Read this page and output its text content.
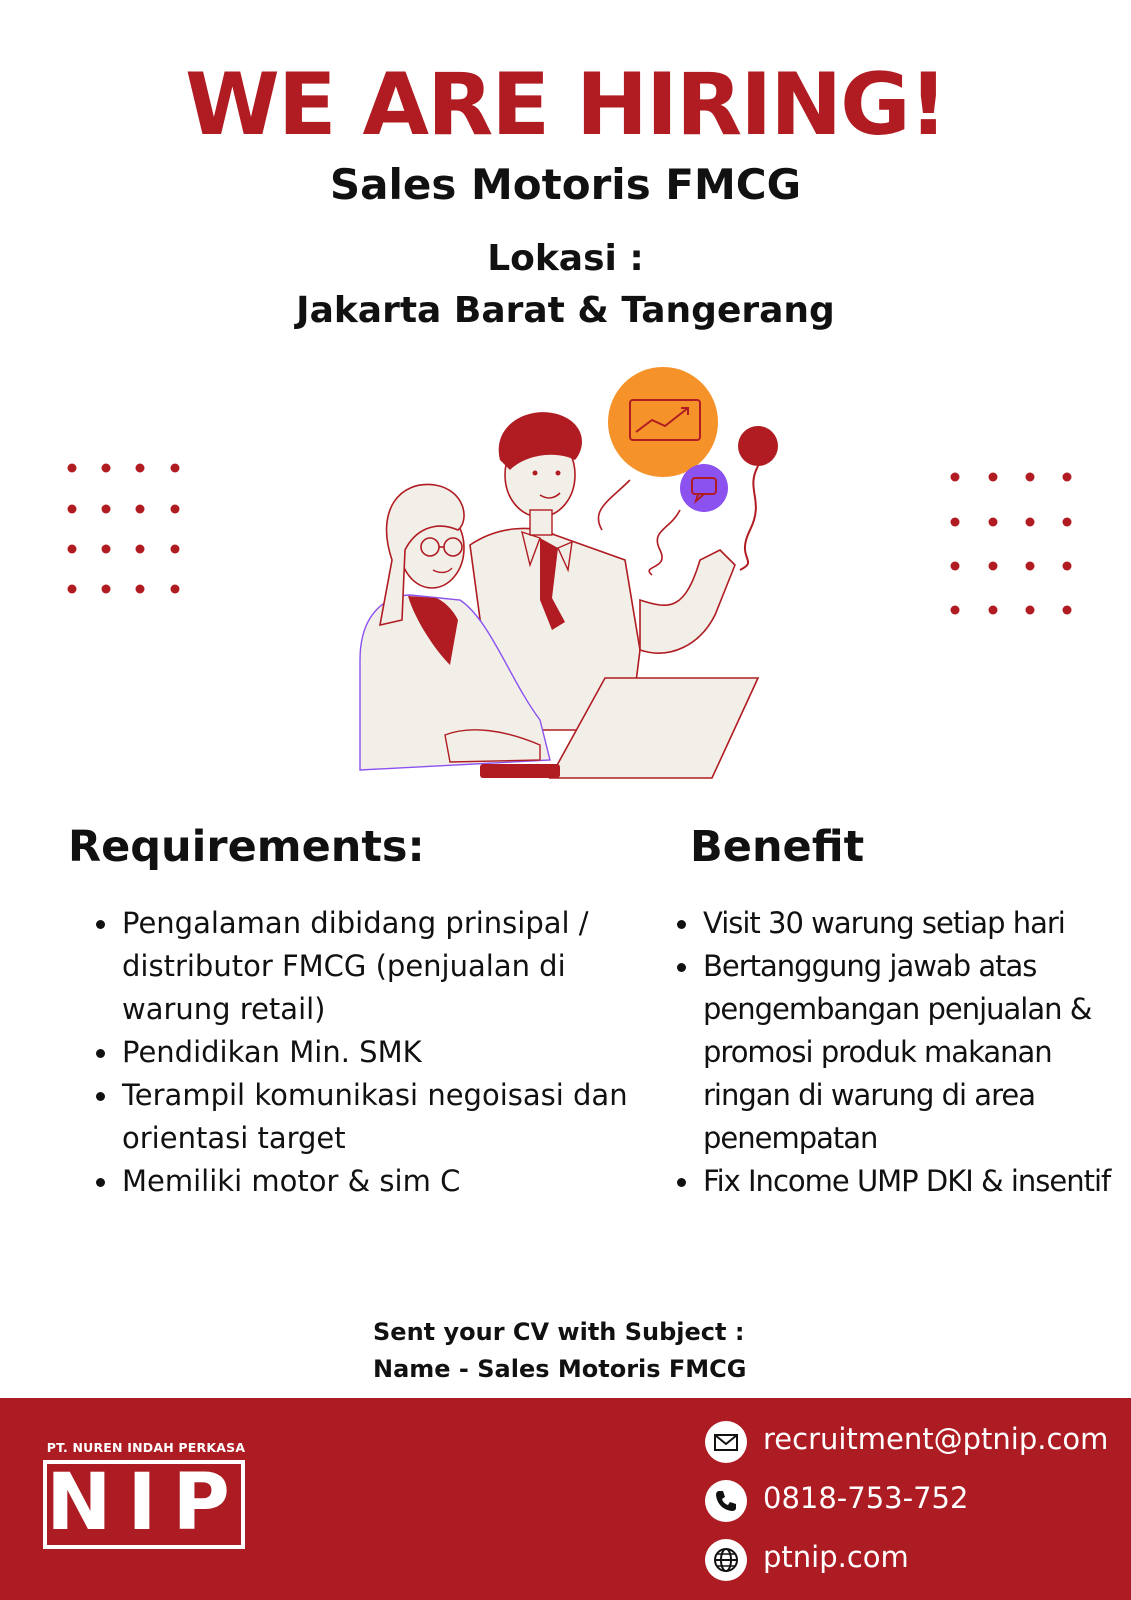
WE ARE HIRING!
Sales Motoris FMCG
Lokasi :
Jakarta Barat & Tangerang
Requirements:
Pengalaman dibidang prinsipal / distributor FMCG (penjualan di warung retail)
Pendidikan Min. SMK
Terampil komunikasi negoisasi dan orientasi target
Memiliki motor & sim C
Benefit
Visit 30 warung setiap hari
Bertanggung jawab atas pengembangan penjualan & promosi produk makanan ringan di warung di area penempatan
Fix Income UMP DKI & insentif
Sent your CV with Subject :
Name - Sales Motoris FMCG
PT. NUREN INDAH PERKASA
NIP
recruitment@ptnip.com
0818-753-752
ptnip.com
